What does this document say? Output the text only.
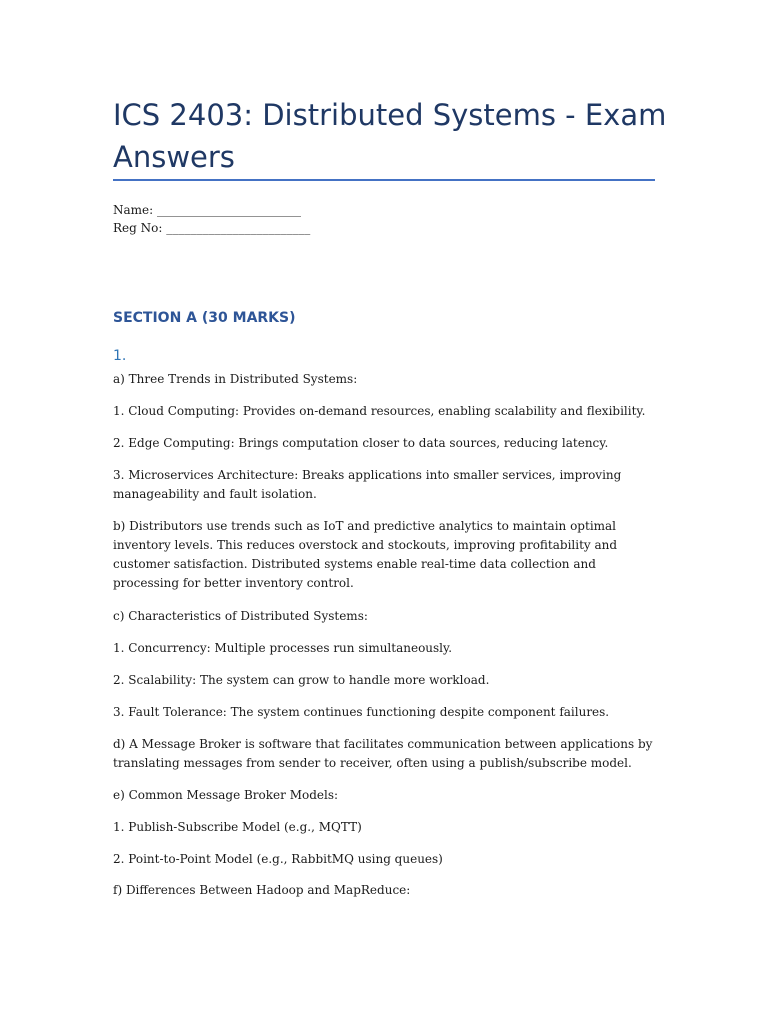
ICS 2403: Distributed Systems - Exam Answers
Name: ________________________
Reg No: ________________________
SECTION A (30 MARKS)
1.

a) Three Trends in Distributed Systems:

1. Cloud Computing: Provides on-demand resources, enabling scalability and flexibility.

2. Edge Computing: Brings computation closer to data sources, reducing latency.

3. Microservices Architecture: Breaks applications into smaller services, improving manageability and fault isolation.

b) Distributors use trends such as IoT and predictive analytics to maintain optimal inventory levels. This reduces overstock and stockouts, improving profitability and customer satisfaction. Distributed systems enable real-time data collection and processing for better inventory control.

c) Characteristics of Distributed Systems:

1. Concurrency: Multiple processes run simultaneously.

2. Scalability: The system can grow to handle more workload.

3. Fault Tolerance: The system continues functioning despite component failures.

d) A Message Broker is software that facilitates communication between applications by translating messages from sender to receiver, often using a publish/subscribe model.

e) Common Message Broker Models:

1. Publish-Subscribe Model (e.g., MQTT)

2. Point-to-Point Model (e.g., RabbitMQ using queues)

f) Differences Between Hadoop and MapReduce:
